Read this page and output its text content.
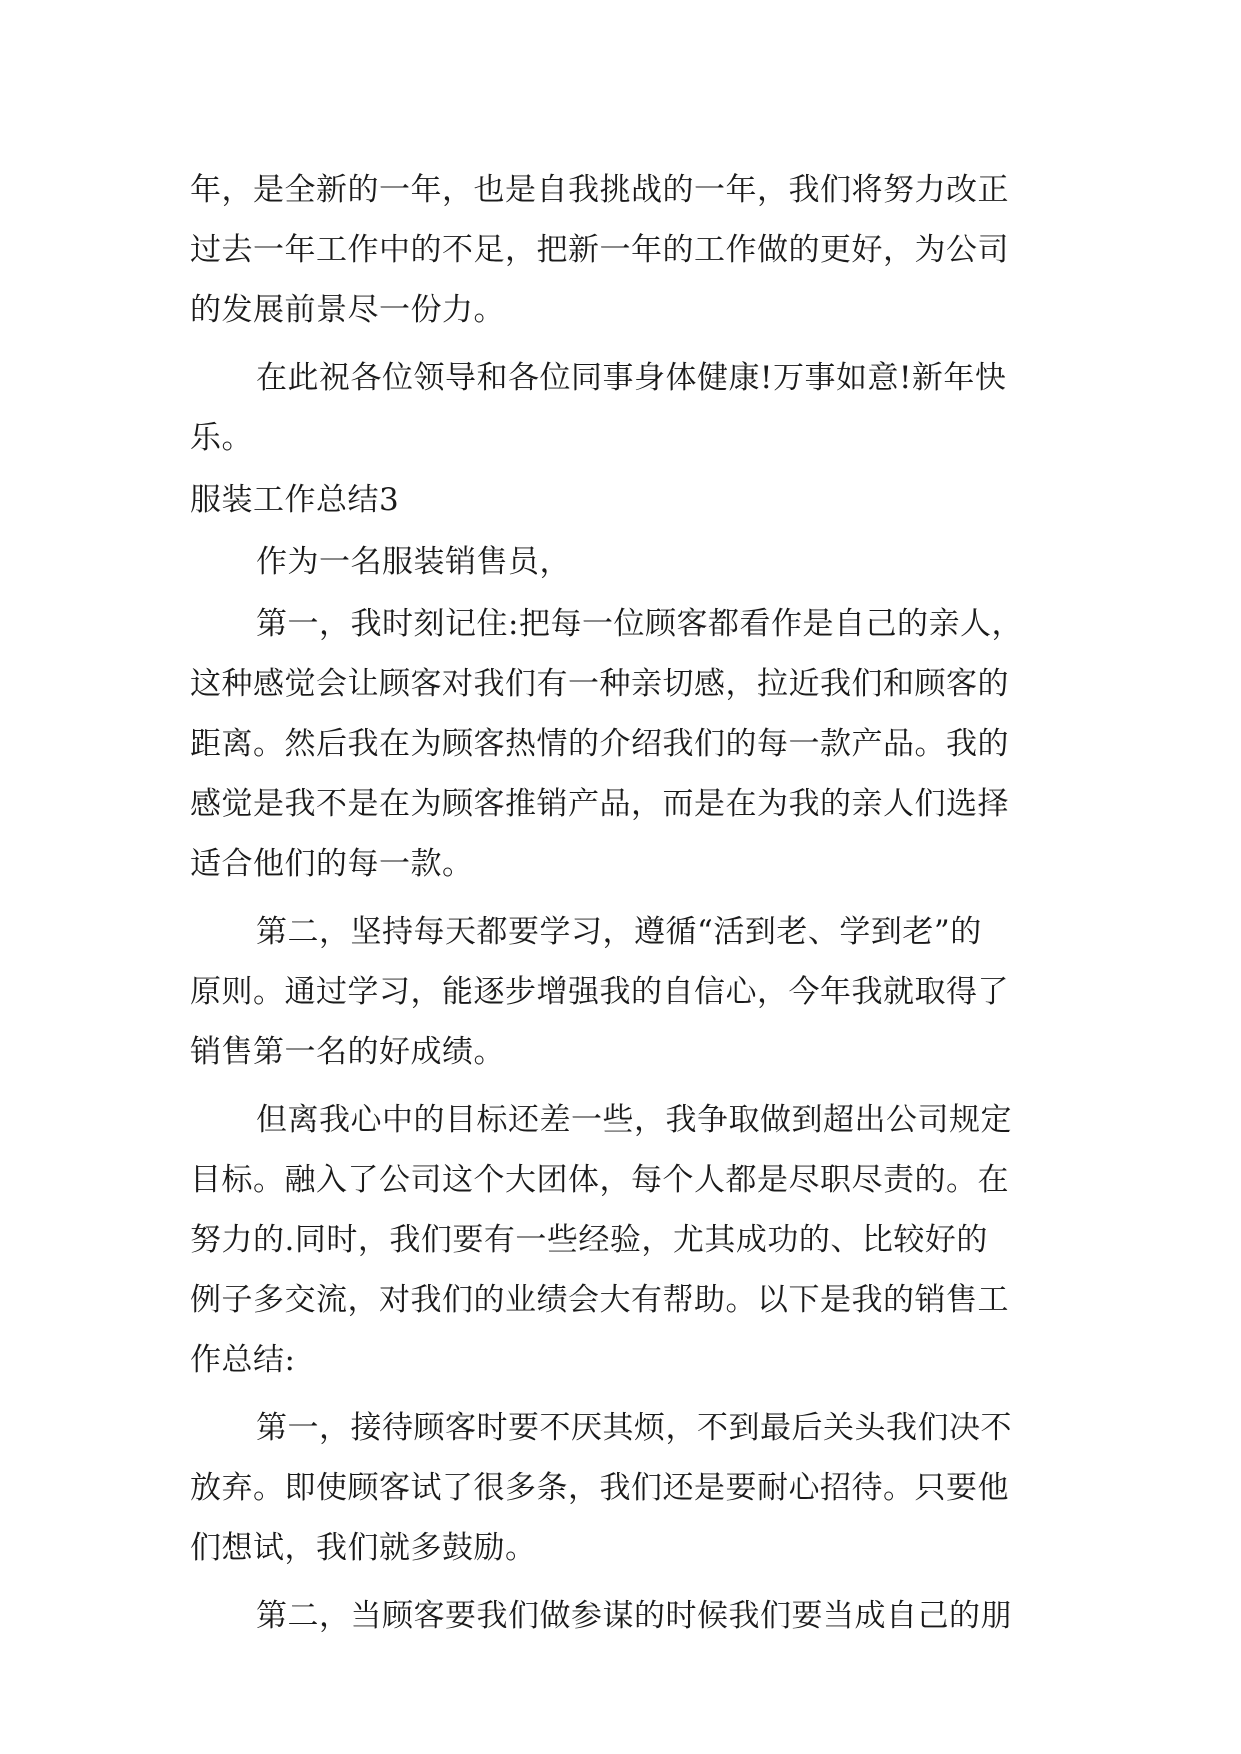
年，是全新的一年，也是自我挑战的一年，我们将努力改正
过去一年工作中的不足，把新一年的工作做的更好，为公司
的发展前景尽一份力。
在此祝各位领导和各位同事身体健康!万事如意!新年快
乐。
服装工作总结3
作为一名服装销售员，
第一，我时刻记住:把每一位顾客都看作是自己的亲人，
这种感觉会让顾客对我们有一种亲切感，拉近我们和顾客的
距离。然后我在为顾客热情的介绍我们的每一款产品。我的
感觉是我不是在为顾客推销产品，而是在为我的亲人们选择
适合他们的每一款。
第二，坚持每天都要学习，遵循“活到老、学到老”的
原则。通过学习，能逐步增强我的自信心，今年我就取得了
销售第一名的好成绩。
但离我心中的目标还差一些，我争取做到超出公司规定
目标。融入了公司这个大团体，每个人都是尽职尽责的。在
努力的.同时，我们要有一些经验，尤其成功的、比较好的
例子多交流，对我们的业绩会大有帮助。以下是我的销售工
作总结:
第一，接待顾客时要不厌其烦，不到最后关头我们决不
放弃。即使顾客试了很多条，我们还是要耐心招待。只要他
们想试，我们就多鼓励。
第二，当顾客要我们做参谋的时候我们要当成自己的朋
